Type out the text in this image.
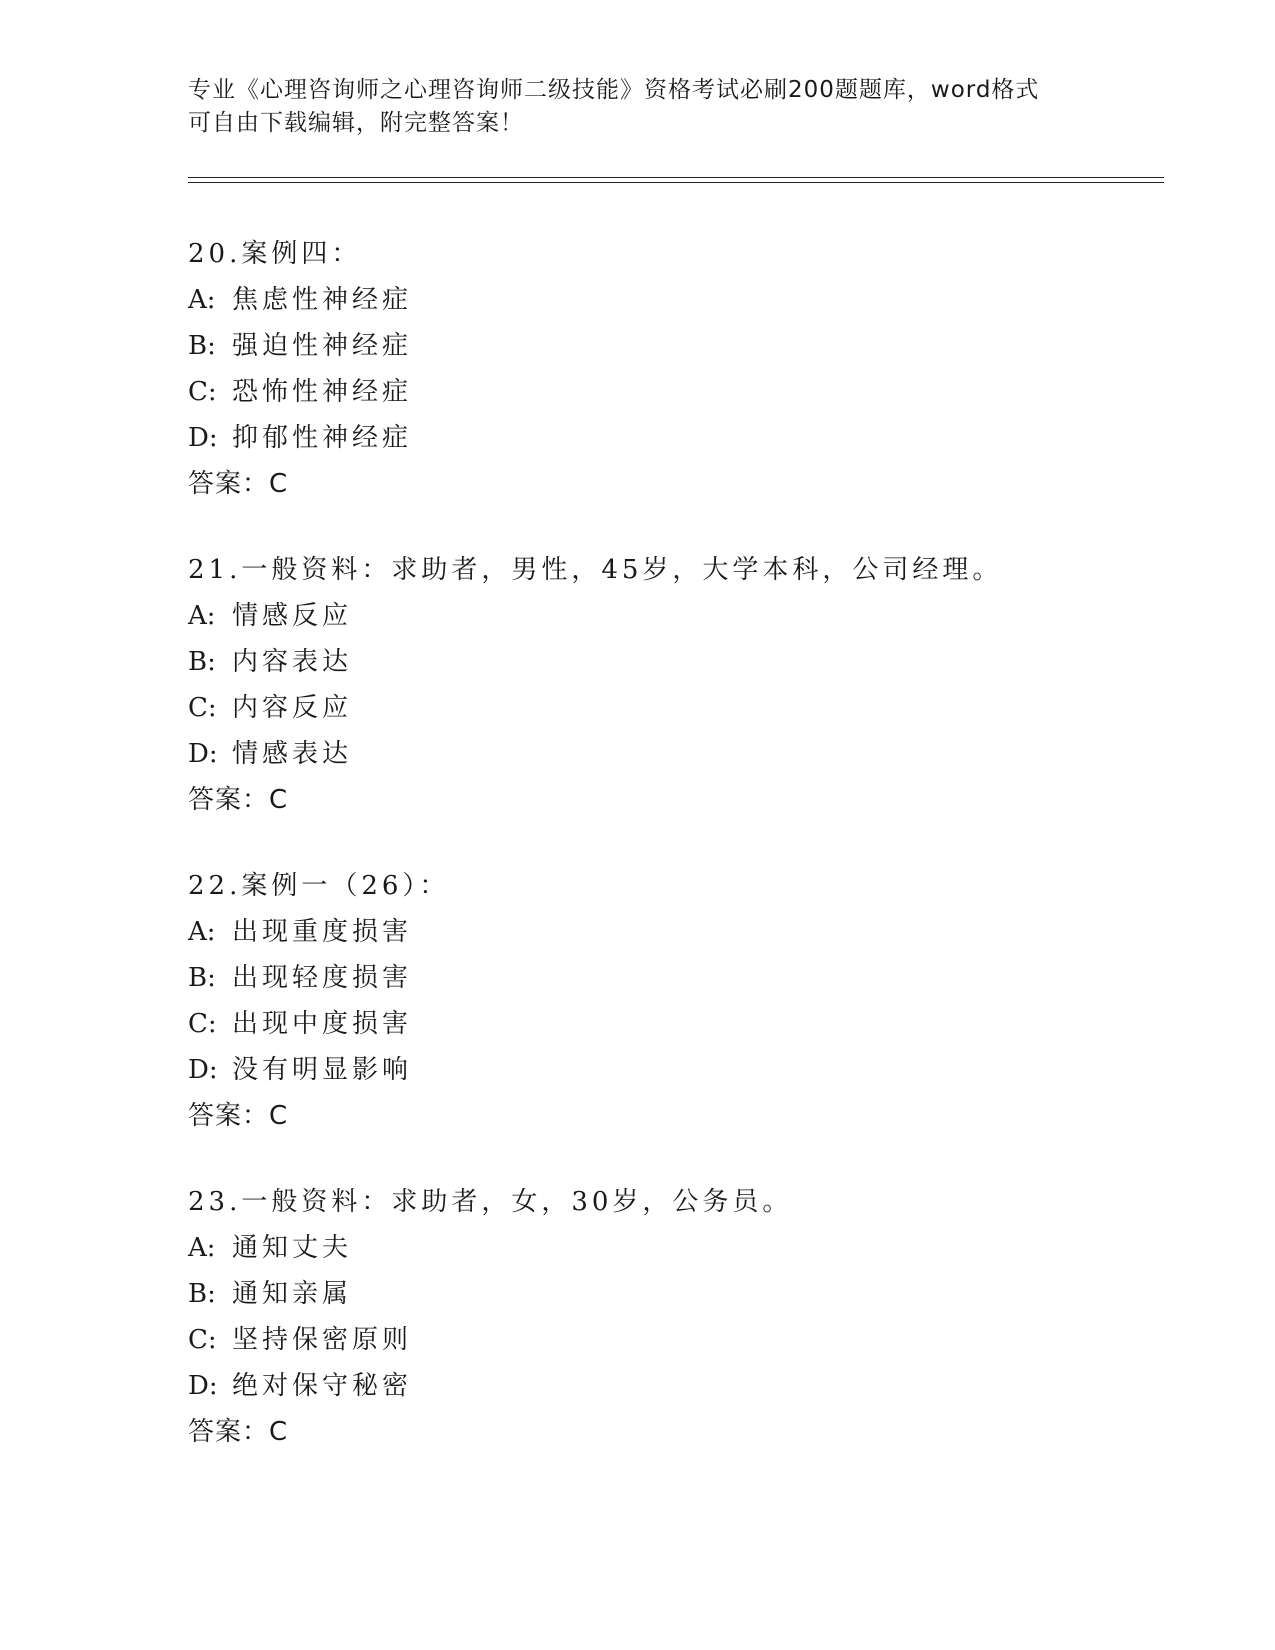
专业《心理咨询师之心理咨询师二级技能》资格考试必刷200题题库，word格式
可自由下载编辑，附完整答案！
20.案例四：
A: 焦虑性神经症
B: 强迫性神经症
C: 恐怖性神经症
D: 抑郁性神经症
答案：C
21.一般资料：求助者，男性，45岁，大学本科，公司经理。
A: 情感反应
B: 内容表达
C: 内容反应
D: 情感表达
答案：C
22.案例一（26）：
A: 出现重度损害
B: 出现轻度损害
C: 出现中度损害
D: 没有明显影响
答案：C
23.一般资料：求助者，女，30岁，公务员。
A: 通知丈夫
B: 通知亲属
C: 坚持保密原则
D: 绝对保守秘密
答案：C
